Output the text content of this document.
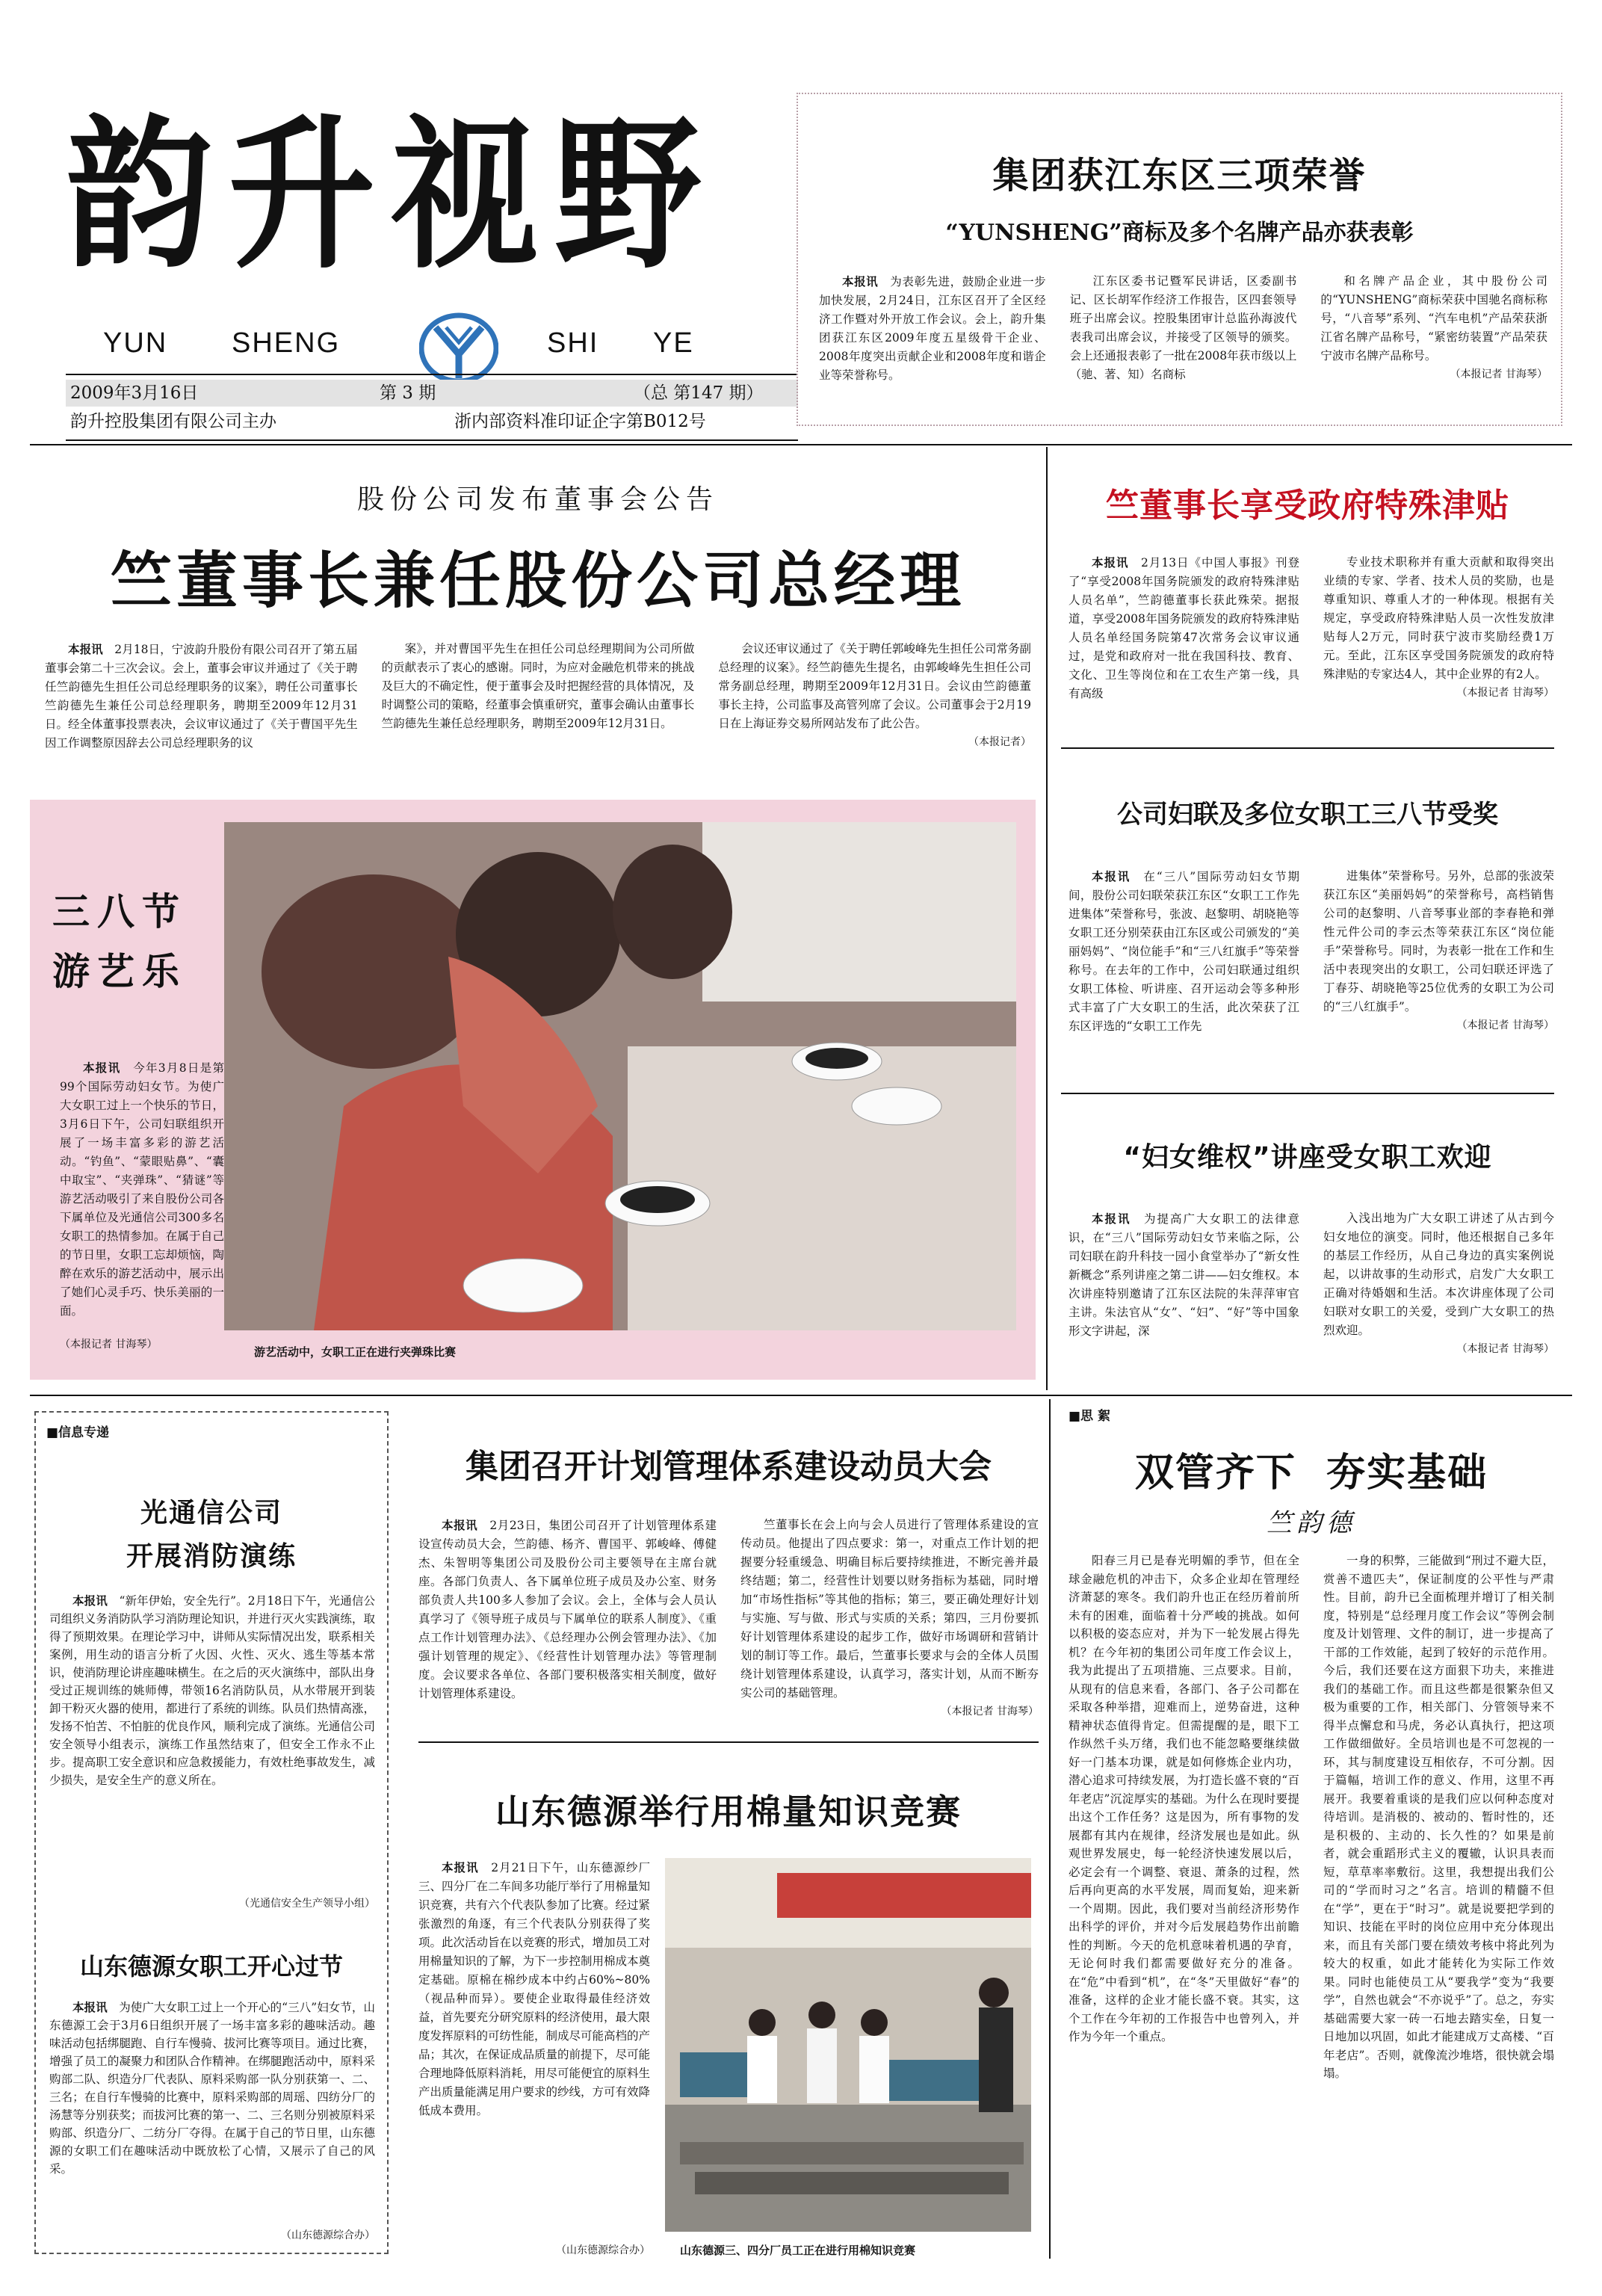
韵升视野
YUN SHENG	SHI YE
2009年3月16日	第 3 期	（总 第147 期）
韵升控股集团有限公司主办	浙内部资料准印证企字第B012号
集团获江东区三项荣誉
“YUNSHENG”商标及多个名牌产品亦获表彰

本报讯　 为表彰先进，鼓励企业进一步加快发展，2月24日，江东区召开了全区经济工作暨对外开放工作会议。会上，韵升集团获江东区2009年度五星级骨干企业、2008年度突出贡献企业和2008年度和谐企业等荣誉称号。

江东区委书记暨军民讲话，区委副书记、区长胡军作经济工作报告，区四套领导班子出席会议。控股集团审计总监孙海波代表我司出席会议，并接受了区领导的颁奖。会上还通报表彰了一批在2008年获市级以上（驰、著、知）名商标

和名牌产品企业，其中股份公司的“YUNSHENG”商标荣获中国驰名商标称号，“八音琴”系列、“汽车电机”产品荣获浙江省名牌产品称号，“紧密纺装置”产品荣获宁波市名牌产品称号。

（本报记者 甘海琴）
股份公司发布董事会公告
竺董事长兼任股份公司总经理

本报讯　 2月18日，宁波韵升股份有限公司召开了第五届董事会第二十三次会议。会上，董事会审议并通过了《关于聘任竺韵德先生担任公司总经理职务的议案》，聘任公司董事长竺韵德先生兼任公司总经理职务，聘期至2009年12月31日。经全体董事投票表决，会议审议通过了《关于曹国平先生因工作调整原因辞去公司总经理职务的议

案》，并对曹国平先生在担任公司总经理期间为公司所做的贡献表示了衷心的感谢。同时，为应对金融危机带来的挑战及巨大的不确定性，便于董事会及时把握经营的具体情况，及时调整公司的策略，经董事会慎重研究，董事会确认由董事长竺韵德先生兼任总经理职务，聘期至2009年12月31日。

会议还审议通过了《关于聘任郭峻峰先生担任公司常务副总经理的议案》。经竺韵德先生提名，由郭峻峰先生担任公司常务副总经理，聘期至2009年12月31日。会议由竺韵德董事长主持，公司监事及高管列席了会议。公司董事会于2月19日在上海证券交易所网站发布了此公告。

（本报记者）
三八节
游艺乐

本报讯　 今年3月8日是第99个国际劳动妇女节。为使广大女职工过上一个快乐的节日，3月6日下午，公司妇联组织开展了一场丰富多彩的游艺活动。“钓鱼”、“蒙眼贴鼻”、“囊中取宝”、“夹弹珠”、“猜谜”等游艺活动吸引了来自股份公司各下属单位及光通信公司300多名女职工的热情参加。在属于自己的节日里，女职工忘却烦恼，陶醉在欢乐的游艺活动中，展示出了她们心灵手巧、快乐美丽的一面。

（本报记者 甘海琴）
游艺活动中，女职工正在进行夹弹珠比赛
竺董事长享受政府特殊津贴

本报讯　 2月13日《中国人事报》刊登了“享受2008年国务院颁发的政府特殊津贴人员名单”，竺韵德董事长获此殊荣。据报道，享受2008年国务院颁发的政府特殊津贴人员名单经国务院第47次常务会议审议通过，是党和政府对一批在我国科技、教育、文化、卫生等岗位和在工农生产第一线，具有高级

专业技术职称并有重大贡献和取得突出业绩的专家、学者、技术人员的奖励，也是尊重知识、尊重人才的一种体现。根据有关规定，享受政府特殊津贴人员一次性发放津贴每人2万元，同时获宁波市奖励经费1万元。至此，江东区享受国务院颁发的政府特殊津贴的专家达4人，其中企业界的有2人。

（本报记者 甘海琴）
公司妇联及多位女职工三八节受奖

本报讯　 在“三八”国际劳动妇女节期间，股份公司妇联荣获江东区“女职工工作先进集体”荣誉称号，张波、赵黎明、胡晓艳等女职工还分别荣获由江东区或公司颁发的“美丽妈妈”、“岗位能手”和“三八红旗手”等荣誉称号。在去年的工作中，公司妇联通过组织女职工体检、听讲座、召开运动会等多种形式丰富了广大女职工的生活，此次荣获了江东区评选的“女职工工作先

进集体”荣誉称号。另外，总部的张波荣获江东区“美丽妈妈”的荣誉称号，高档销售公司的赵黎明、八音琴事业部的李春艳和弹性元件公司的李云杰等荣获江东区“岗位能手”荣誉称号。同时，为表彰一批在工作和生活中表现突出的女职工，公司妇联还评选了丁春芬、胡晓艳等25位优秀的女职工为公司的“三八红旗手”。

（本报记者 甘海琴）
“妇女维权”讲座受女职工欢迎

本报讯　 为提高广大女职工的法律意识，在“三八”国际劳动妇女节来临之际，公司妇联在韵升科技一园小食堂举办了“新女性新概念”系列讲座之第二讲——妇女维权。本次讲座特别邀请了江东区法院的朱萍萍审官主讲。朱法官从“女”、“妇”、“好”等中国象形文字讲起，深

入浅出地为广大女职工讲述了从古到今妇女地位的演变。同时，他还根据自己多年的基层工作经历，从自己身边的真实案例说起，以讲故事的生动形式，启发广大女职工正确对待婚姻和生活。本次讲座体现了公司妇联对女职工的关爱，受到广大女职工的热烈欢迎。

（本报记者 甘海琴）
■信息专递
光通信公司
开展消防演练

本报讯　 “新年伊始，安全先行”。2月18日下午，光通信公司组织义务消防队学习消防理论知识，并进行灭火实践演练，取得了预期效果。在理论学习中，讲师从实际情况出发，联系相关案例，用生动的语言分析了火因、火性、灭火、逃生等基本常识，使消防理论讲座趣味横生。在之后的灭火演练中，部队出身受过正规训练的姚师傅，带领16名消防队员，从水带展开到装卸干粉灭火器的使用，都进行了系统的训练。队员们热情高涨，发扬不怕苦、不怕脏的优良作风，顺利完成了演练。光通信公司安全领导小组表示，演练工作虽然结束了，但安全工作永不止步。提高职工安全意识和应急救援能力，有效杜绝事故发生，减少损失，是安全生产的意义所在。

（光通信安全生产领导小组）
山东德源女职工开心过节

本报讯　 为使广大女职工过上一个开心的“三八”妇女节，山东德源工会于3月6日组织开展了一场丰富多彩的趣味活动。趣味活动包括绑腿跑、自行车慢骑、拔河比赛等项目。通过比赛，增强了员工的凝聚力和团队合作精神。在绑腿跑活动中，原料采购部二队、织造分厂代表队、原料采购部一队分别获第一、二、三名；在自行车慢骑的比赛中，原料采购部的周瑶、四纺分厂的汤慧等分别获奖；而拔河比赛的第一、二、三名则分别被原料采购部、织造分厂、二纺分厂夺得。在属于自己的节日里，山东德源的女职工们在趣味活动中既放松了心情，又展示了自己的风采。

（山东德源综合办）
集团召开计划管理体系建设动员大会

本报讯　 2月23日，集团公司召开了计划管理体系建设宣传动员大会，竺韵德、杨齐、曹国平、郭峻峰、傅健杰、朱智明等集团公司及股份公司主要领导在主席台就座。各部门负责人、各下属单位班子成员及办公室、财务部负责人共100多人参加了会议。会上，全体与会人员认真学习了《领导班子成员与下属单位的联系人制度》、《重点工作计划管理办法》、《总经理办公例会管理办法》、《加强计划管理的规定》、《经营性计划管理办法》等管理制度。会议要求各单位、各部门要积极落实相关制度，做好计划管理体系建设。

竺董事长在会上向与会人员进行了管理体系建设的宣传动员。他提出了四点要求：第一，对重点工作计划的把握要分轻重缓急、明确目标后要持续推进，不断完善并最终结题；第二，经营性计划要以财务指标为基础，同时增加“市场性指标”等其他的指标；第三，要正确处理好计划与实施、写与做、形式与实质的关系；第四，三月份要抓好计划管理体系建设的起步工作，做好市场调研和营销计划的制订等工作。最后，竺董事长要求与会的全体人员围绕计划管理体系建设，认真学习，落实计划，从而不断夯实公司的基础管理。

（本报记者 甘海琴）
山东德源举行用棉量知识竞赛

本报讯　 2月21日下午，山东德源纱厂三、四分厂在二车间多功能厅举行了用棉量知识竞赛，共有六个代表队参加了比赛。经过紧张激烈的角逐，有三个代表队分别获得了奖项。此次活动旨在以竞赛的形式，增加员工对用棉量知识的了解，为下一步控制用棉成本奠定基础。原棉在棉纱成本中约占60%~80%（视品种而异）。要使企业取得最佳经济效益，首先要充分研究原料的经济使用，最大限度发挥原料的可纺性能，制成尽可能高档的产品；其次，在保证成品质量的前提下，尽可能合理地降低原料消耗，用尽可能便宜的原料生产出质量能满足用户要求的纱线，方可有效降低成本费用。

（山东德源综合办）	山东德源三、四分厂员工正在进行用棉知识竞赛
■思 絮
双管齐下  夯实基础
竺韵德

阳春三月已是春光明媚的季节，但在全球金融危机的冲击下，众多企业却在管理经济萧瑟的寒冬。我们韵升也正在经历着前所未有的困难，面临着十分严峻的挑战。如何以积极的姿态应对，并为下一轮发展占得先机？在今年初的集团公司年度工作会议上，我为此提出了五项措施、三点要求。目前，从现有的信息来看，各部门、各子公司都在采取各种举措，迎难而上，逆势奋进，这种精神状态值得肯定。但需提醒的是，眼下工作纵然千头万绪，我们也不能忽略要继续做好一门基本功课，就是如何修炼企业内功，潜心追求可持续发展，为打造长盛不衰的“百年老店”沉淀厚实的基础。为什么在现时要提出这个工作任务？这是因为，所有事物的发展都有其内在规律，经济发展也是如此。纵观世界发展史，每一轮经济快速发展以后，必定会有一个调整、衰退、萧条的过程，然后再向更高的水平发展，周而复始，迎来新一个周期。因此，我们要对当前经济形势作出科学的评价，并对今后发展趋势作出前瞻性的判断。今天的危机意味着机遇的孕育，无论何时我们都需要做好充分的准备。在“危”中看到“机”，在“冬”天里做好“春”的准备，这样的企业才能长盛不衰。其实，这个工作在今年初的工作报告中也曾列入，并作为今年一个重点。

一身的积弊，三能做到“刑过不避大臣，赏善不遗匹夫”，保证制度的公平性与严肃性。目前，韵升已全面梳理并增订了相关制度，特别是“总经理月度工作会议”等例会制度及计划管理、文件的制订，进一步提高了干部的工作效能，起到了较好的示范作用。今后，我们还要在这方面狠下功夫，来推进我们的基础工作。而且这些都是很繁杂但又极为重要的工作，相关部门、分管领导来不得半点懈怠和马虎，务必认真执行，把这项工作做细做好。全员培训也是不可忽视的一环，其与制度建设互相依存，不可分割。因于篇幅，培训工作的意义、作用，这里不再展开。我要着重谈的是我们应以何种态度对待培训。是消极的、被动的、暂时性的，还是积极的、主动的、长久性的？如果是前者，就会重蹈形式主义的覆辙，认识具表而短，草草率率敷衍。这里，我想提出我们公司的“学而时习之”名言。培训的精髓不但在“学”，更在于“时习”。就是说要把学到的知识、技能在平时的岗位应用中充分体现出来，而且有关部门要在绩效考核中将此列为较大的权重，如此才能转化为实际工作效果。同时也能使员工从“要我学”变为“我要学”，自然也就会“不亦说乎”了。总之，夯实基础需要大家一砖一石地去踏实垒，日复一日地加以巩固，如此才能建成万丈高楼、“百年老店”。否则，就像流沙堆塔，很快就会塌塌。
